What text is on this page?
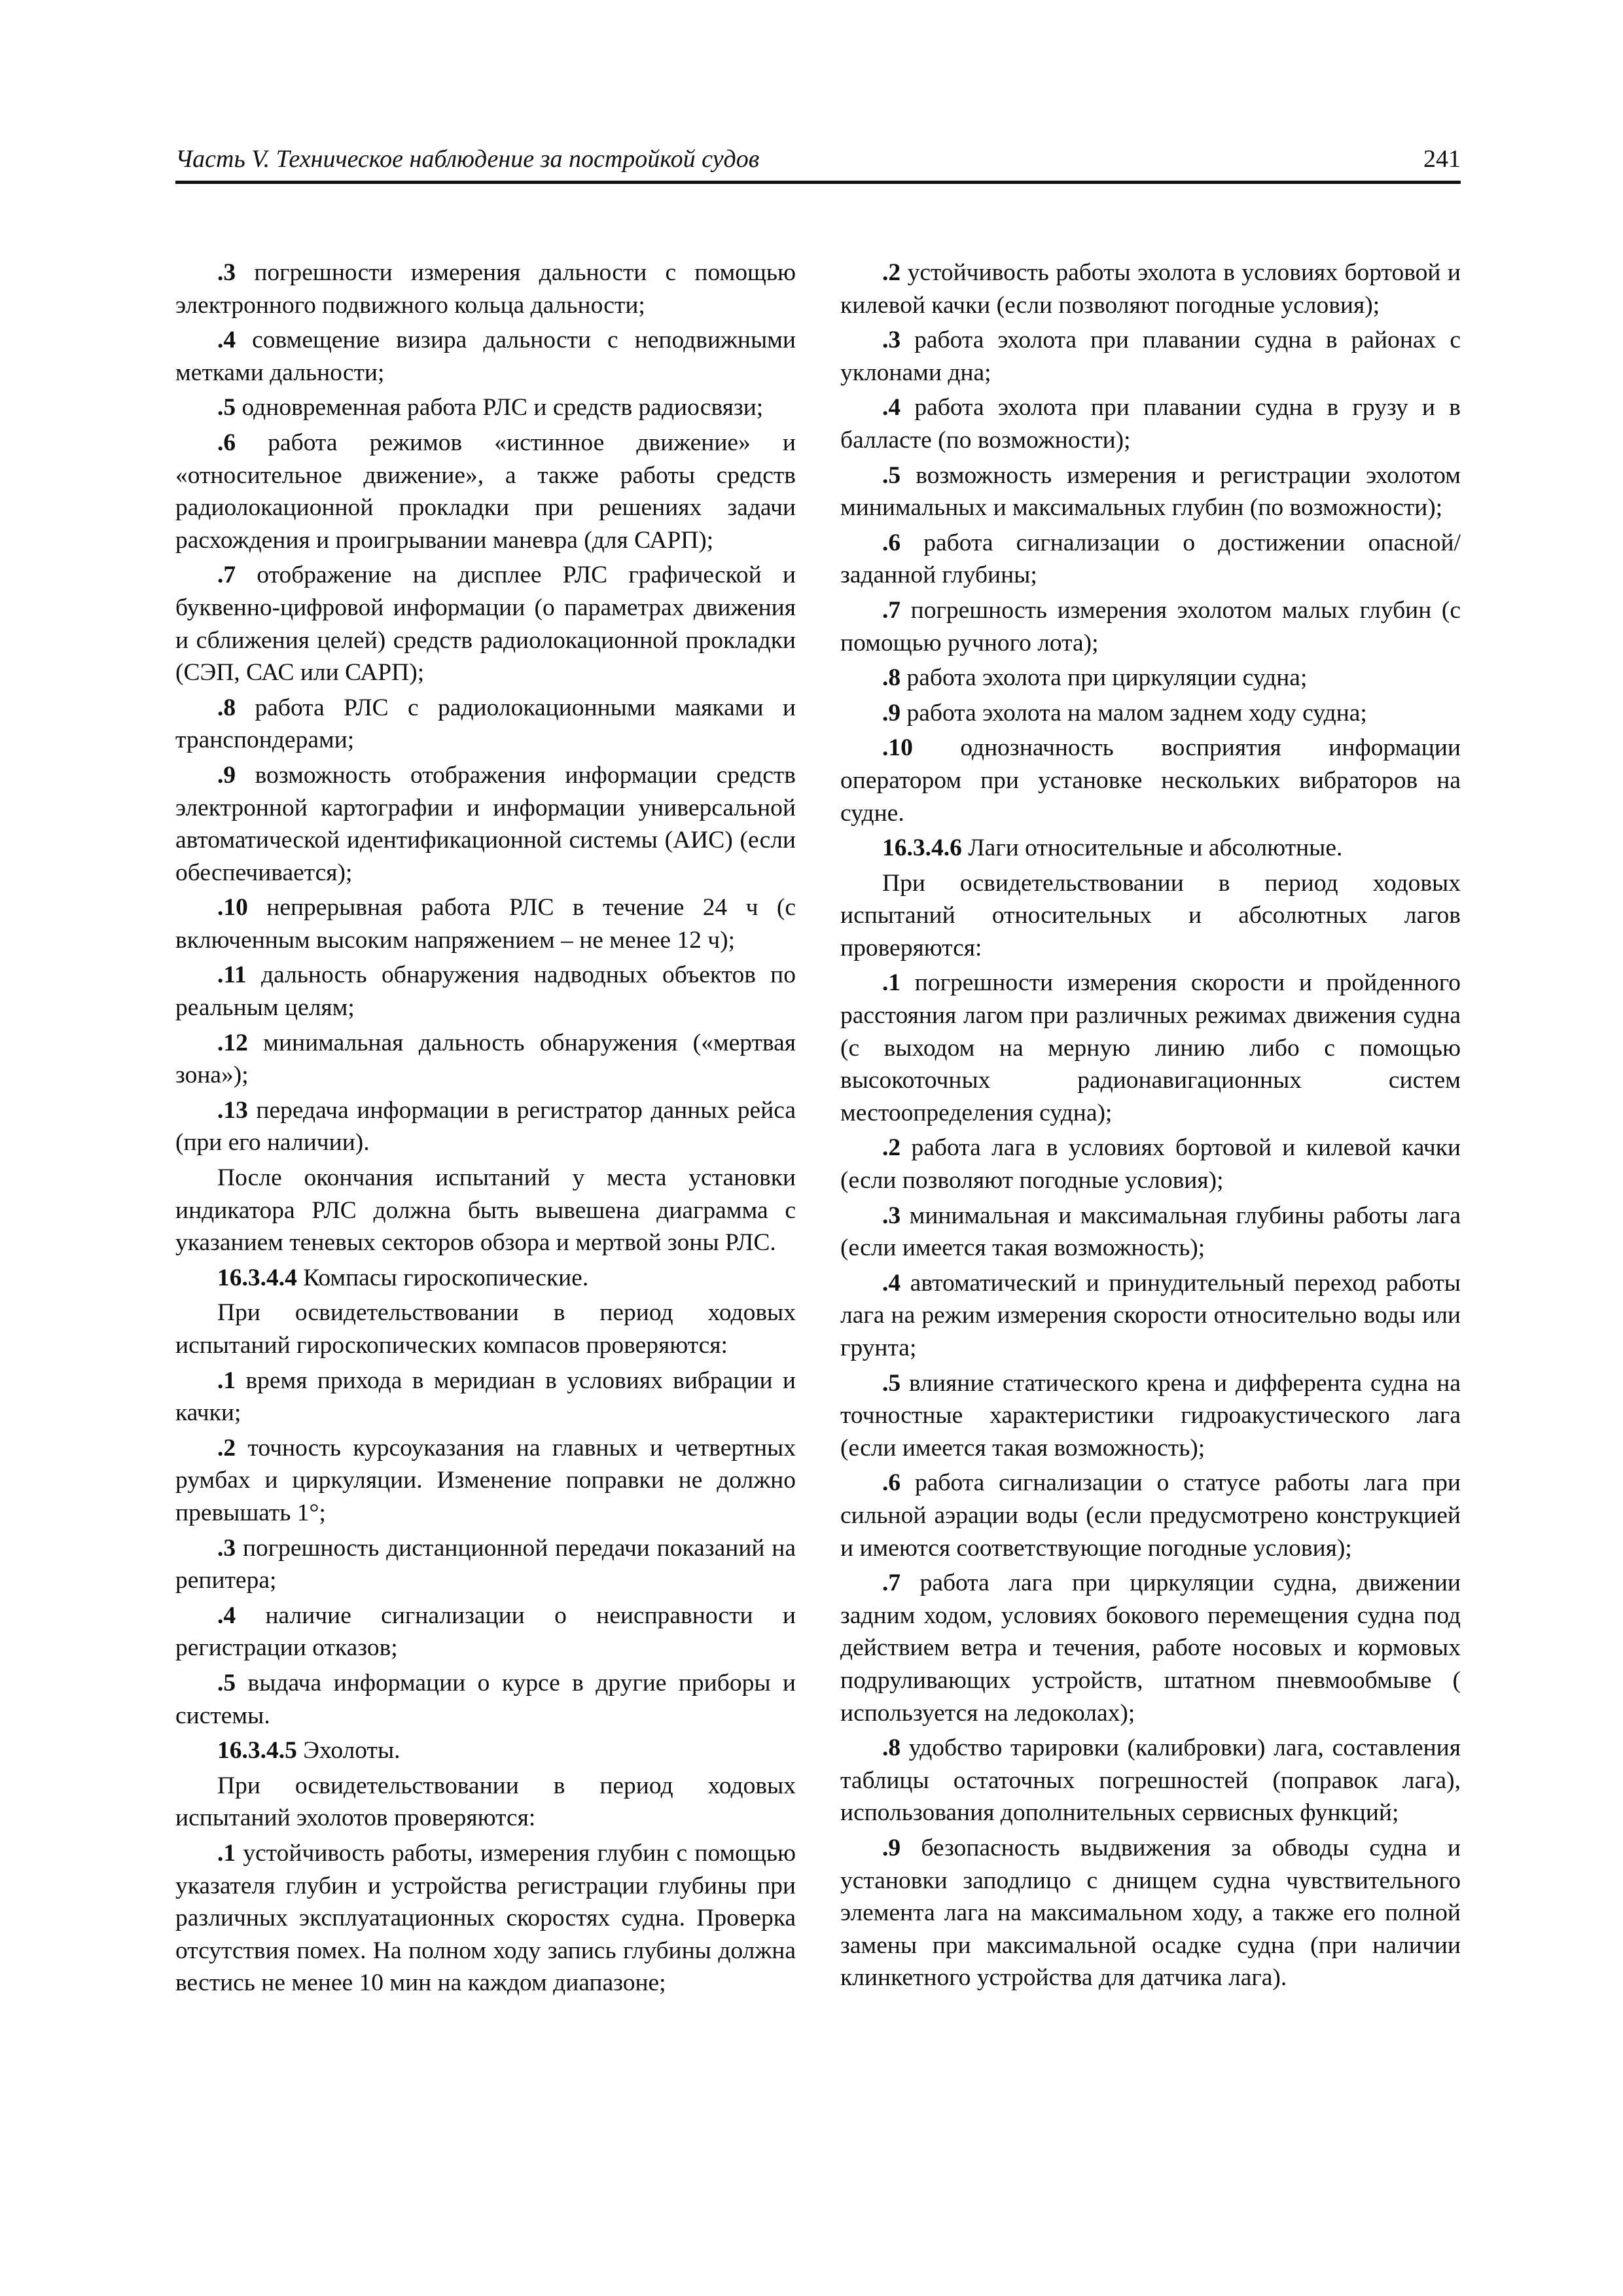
Часть V. Техническое наблюдение за постройкой судов	241

.3 погрешности измерения дальности с помощью электронного подвижного кольца дальности;

.4 совмещение визира дальности с неподвижными метками дальности;

.5 одновременная работа РЛС и средств радиосвязи;

.6 работа режимов «истинное движение» и «относительное движение», а также работы средств радиолокационной прокладки при решениях задачи расхождения и проигрывании маневра (для САРП);

.7 отображение на дисплее РЛС графической и буквенно-цифровой информации (о параметрах движения и сближения целей) средств радиолокационной прокладки (СЭП, САС или САРП);

.8 работа РЛС с радиолокационными маяками и транспондерами;

.9 возможность отображения информации средств электронной картографии и информации универсальной автоматической идентификационной системы (АИС) (если обеспечивается);

.10 непрерывная работа РЛС в течение 24 ч (с включенным высоким напряжением – не менее 12 ч);

.11 дальность обнаружения надводных объектов по реальным целям;

.12 минимальная дальность обнаружения («мертвая зона»);

.13 передача информации в регистратор данных рейса (при его наличии).

После окончания испытаний у места установки индикатора РЛС должна быть вывешена диаграмма с указанием теневых секторов обзора и мертвой зоны РЛС.

16.3.4.4 Компасы гироскопические.

При освидетельствовании в период ходовых испытаний гироскопических компасов проверяются:

.1 время прихода в меридиан в условиях вибрации и качки;

.2 точность курсоуказания на главных и четвертных румбах и циркуляции. Изменение поправки не должно превышать 1°;

.3 погрешность дистанционной передачи показаний на репитера;

.4 наличие сигнализации о неисправности и регистрации отказов;

.5 выдача информации о курсе в другие приборы и системы.

16.3.4.5 Эхолоты.

При освидетельствовании в период ходовых испытаний эхолотов проверяются:

.1 устойчивость работы, измерения глубин с помощью указателя глубин и устройства регистрации глубины при различных эксплуатационных скоростях судна. Проверка отсутствия помех. На полном ходу запись глубины должна вестись не менее 10 мин на каждом диапазоне;

.2 устойчивость работы эхолота в условиях бортовой и килевой качки (если позволяют погодные условия);

.3 работа эхолота при плавании судна в районах с уклонами дна;

.4 работа эхолота при плавании судна в грузу и в балласте (по возможности);

.5 возможность измерения и регистрации эхолотом минимальных и максимальных глубин (по возможности);

.6 работа сигнализации о достижении опасной/ заданной глубины;

.7 погрешность измерения эхолотом малых глубин (с помощью ручного лота);

.8 работа эхолота при циркуляции судна;

.9 работа эхолота на малом заднем ходу судна;

.10 однозначность восприятия информации оператором при установке нескольких вибраторов на судне.

16.3.4.6 Лаги относительные и абсолютные.

При освидетельствовании в период ходовых испытаний относительных и абсолютных лагов проверяются:

.1 погрешности измерения скорости и пройденного расстояния лагом при различных режимах движения судна (с выходом на мерную линию либо с помощью высокоточных радионавигационных систем местоопределения судна);

.2 работа лага в условиях бортовой и килевой качки (если позволяют погодные условия);

.3 минимальная и максимальная глубины работы лага (если имеется такая возможность);

.4 автоматический и принудительный переход работы лага на режим измерения скорости относительно воды или грунта;

.5 влияние статического крена и дифферента судна на точностные характеристики гидроакустического лага (если имеется такая возможность);

.6 работа сигнализации о статусе работы лага при сильной аэрации воды (если предусмотрено конструкцией и имеются соответствующие погодные условия);

.7 работа лага при циркуляции судна, движении задним ходом, условиях бокового перемещения судна под действием ветра и течения, работе носовых и кормовых подруливающих устройств, штатном пневмообмыве ( используется на ледоколах);

.8 удобство тарировки (калибровки) лага, составления таблицы остаточных погрешностей (поправок лага), использования дополнительных сервисных функций;

.9 безопасность выдвижения за обводы судна и установки заподлицо с днищем судна чувствительного элемента лага на максимальном ходу, а также его полной замены при максимальной осадке судна (при наличии клинкетного устройства для датчика лага).
